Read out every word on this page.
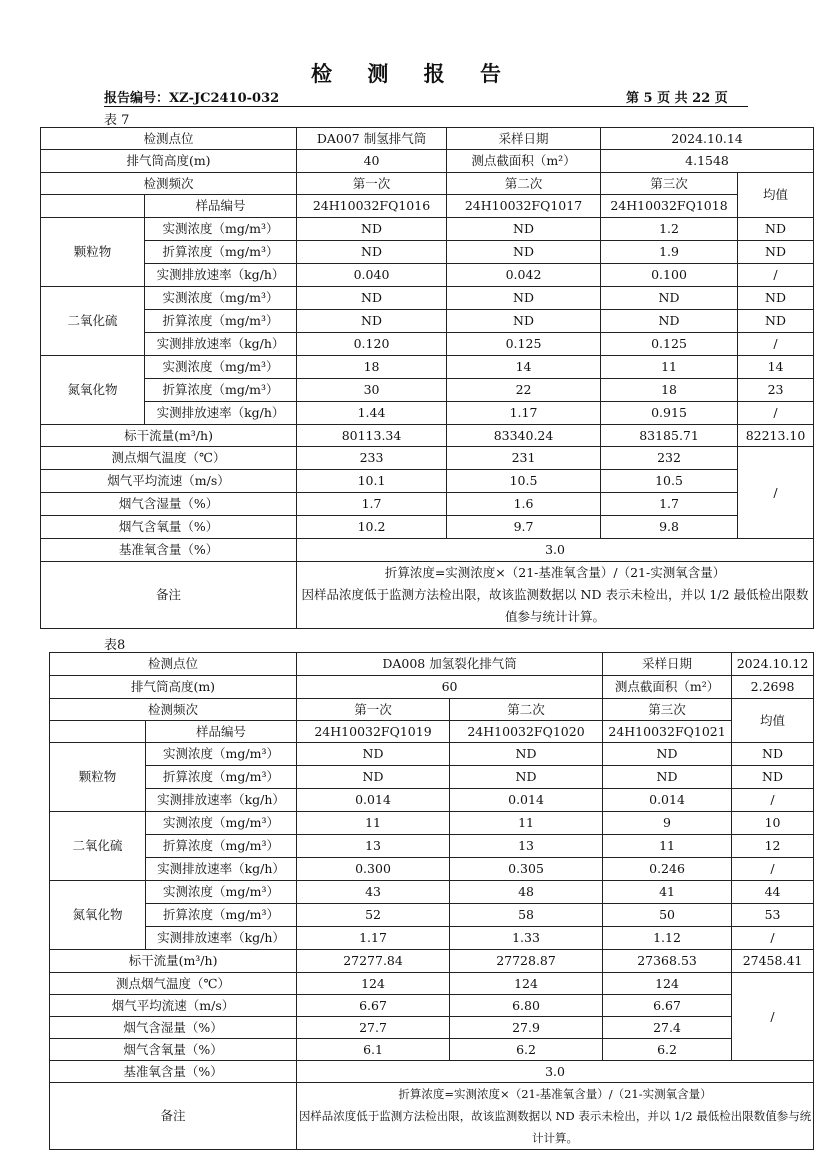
检 测 报 告
报告编号：XZ-JC2410-032	第 5 页 共 22 页
表 7
表8
检测点位		DA007 制氢排气筒	采样日期	2024.10.14	
排气筒高度(m)		40	测点截面积（m²）	4.1548	
检测频次		第一次	第二次	第三次	均值
	样品编号	24H10032FQ1016	24H10032FQ1017	24H10032FQ1018	
颗粒物	实测浓度（mg/m³）	ND	ND	1.2	ND
	折算浓度（mg/m³）	ND	ND	1.9	ND
	实测排放速率（kg/h）	0.040	0.042	0.100	/
二氧化硫	实测浓度（mg/m³）	ND	ND	ND	ND
	折算浓度（mg/m³）	ND	ND	ND	ND
	实测排放速率（kg/h）	0.120	0.125	0.125	/
氮氧化物	实测浓度（mg/m³）	18	14	11	14
	折算浓度（mg/m³）	30	22	18	23
	实测排放速率（kg/h）	1.44	1.17	0.915	/
标干流量(m³/h)		80113.34	83340.24	83185.71	82213.10
测点烟气温度（℃）		233	231	232	/
烟气平均流速（m/s）		10.1	10.5	10.5	
烟气含湿量（%）		1.7	1.6	1.7	
烟气含氧量（%）		10.2	9.7	9.8	
基准氧含量（%）		3.0			
备注		折算浓度=实测浓度×（21-基准氧含量）/（21-实测氧含量）
因样品浓度低于监测方法检出限，故该监测数据以 ND 表示未检出，并以 1/2 最低检出限数值参与统计计算。			
检测点位		DA008 加氢裂化排气筒		采样日期	2024.10.12
排气筒高度(m)		60		测点截面积（m²）	2.2698
检测频次		第一次	第二次	第三次	均值
	样品编号	24H10032FQ1019	24H10032FQ1020	24H10032FQ1021	
颗粒物	实测浓度（mg/m³）	ND	ND	ND	ND
	折算浓度（mg/m³）	ND	ND	ND	ND
	实测排放速率（kg/h）	0.014	0.014	0.014	/
二氧化硫	实测浓度（mg/m³）	11	11	9	10
	折算浓度（mg/m³）	13	13	11	12
	实测排放速率（kg/h）	0.300	0.305	0.246	/
氮氧化物	实测浓度（mg/m³）	43	48	41	44
	折算浓度（mg/m³）	52	58	50	53
	实测排放速率（kg/h）	1.17	1.33	1.12	/
标干流量(m³/h)		27277.84	27728.87	27368.53	27458.41
测点烟气温度（℃）		124	124	124	/
烟气平均流速（m/s）		6.67	6.80	6.67	
烟气含湿量（%）		27.7	27.9	27.4	
烟气含氧量（%）		6.1	6.2	6.2	
基准氧含量（%）		3.0			
备注		折算浓度=实测浓度×（21-基准氧含量）/（21-实测氧含量）
因样品浓度低于监测方法检出限，故该监测数据以 ND 表示未检出，并以 1/2 最低检出限数值参与统计计算。			
